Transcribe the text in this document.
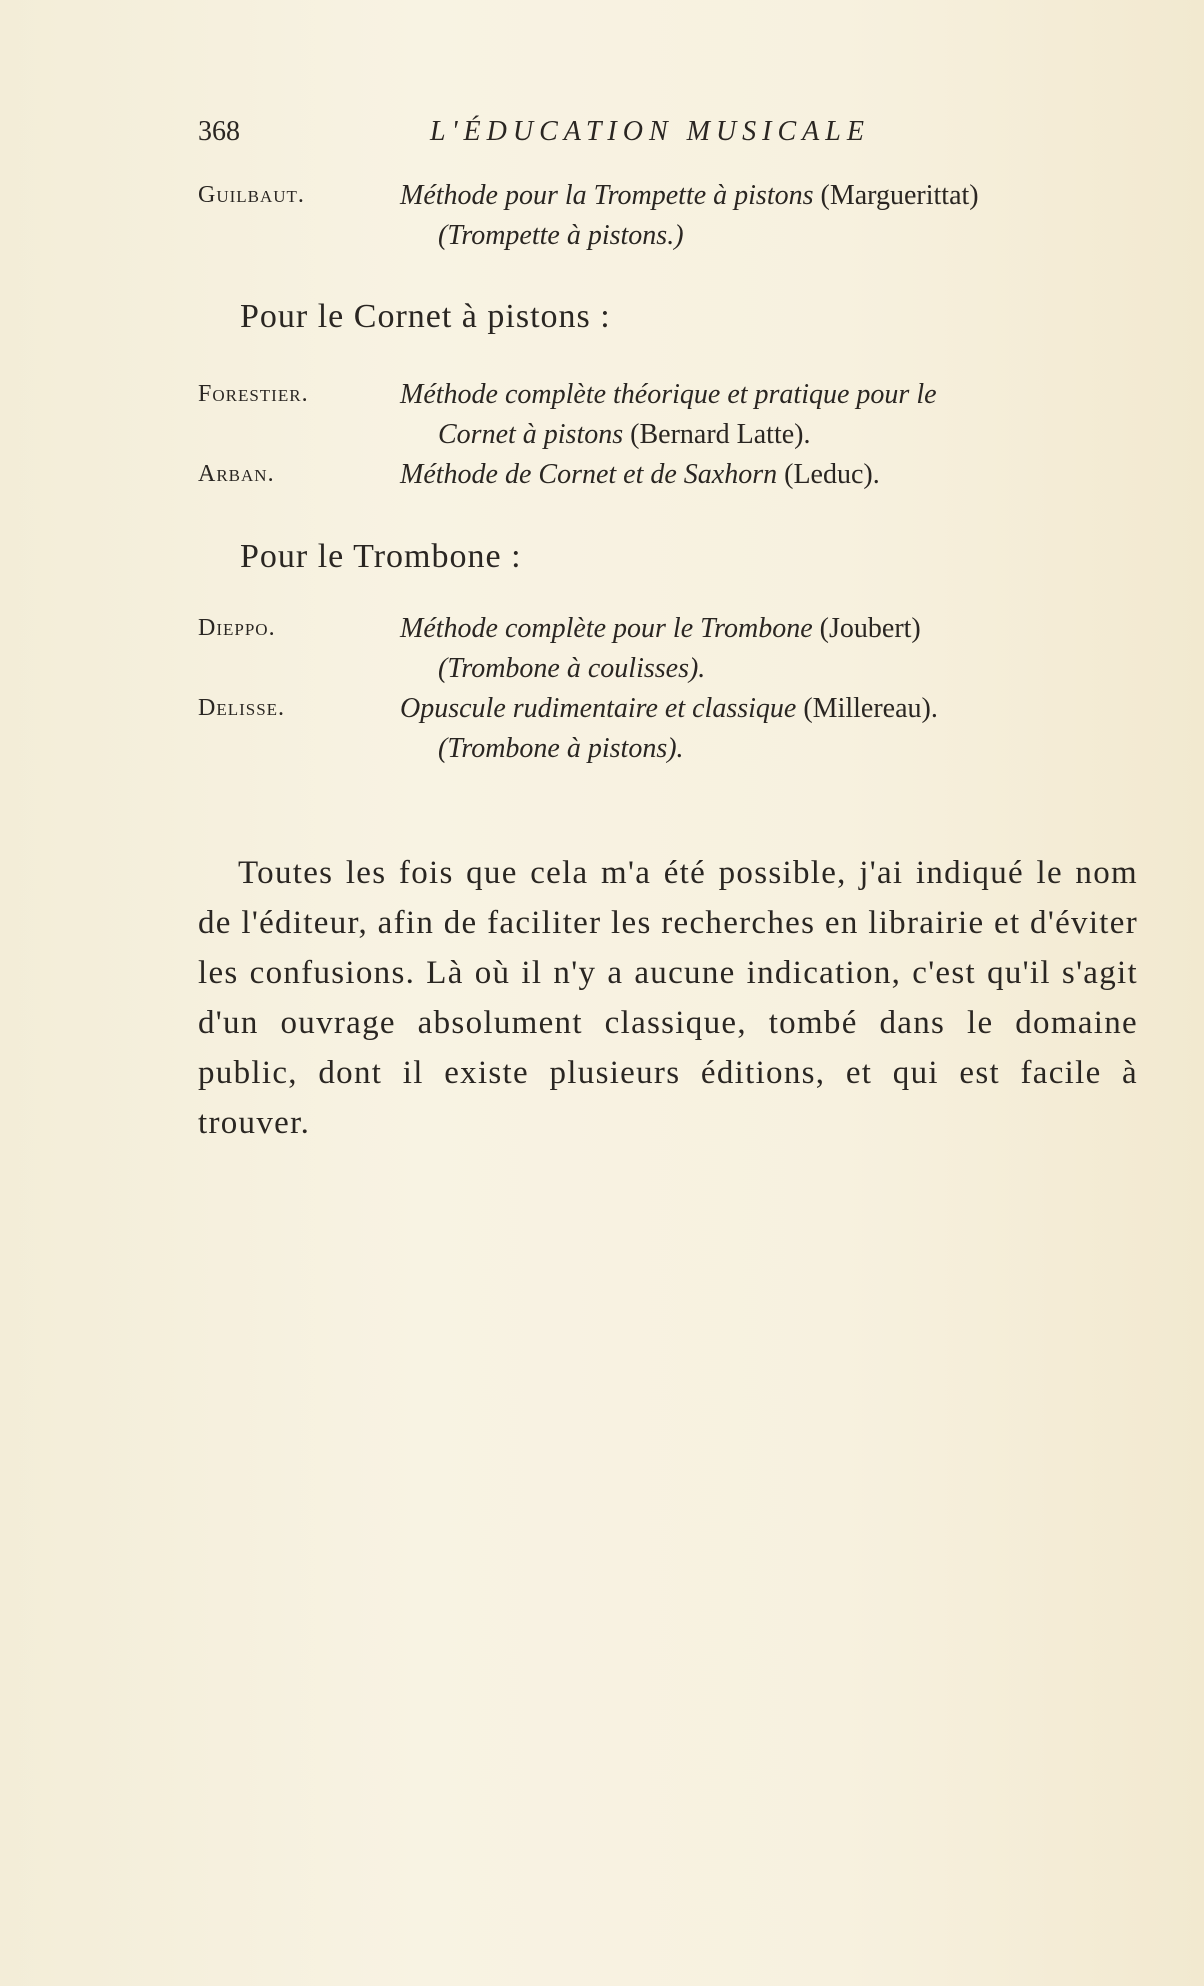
368	L'ÉDUCATION MUSICALE
Guilbaut.	Méthode pour la Trompette à pistons (Marguerittat)
(Trompette à pistons.)
Pour le Cornet à pistons :
Forestier.	Méthode complète théorique et pratique pour le
Cornet à pistons (Bernard Latte).
Arban.	Méthode de Cornet et de Saxhorn (Leduc).
Pour le Trombone :
Dieppo.	Méthode complète pour le Trombone (Joubert)
(Trombone à coulisses).
Delisse.	Opuscule rudimentaire et classique (Millereau).
(Trombone à pistons).

Toutes les fois que cela m'a été possible, j'ai indiqué le nom de l'éditeur, afin de faciliter les recherches en librairie et d'éviter les confusions. Là où il n'y a aucune indication, c'est qu'il s'agit d'un ouvrage absolument classique, tombé dans le domaine public, dont il existe plusieurs éditions, et qui est facile à trouver.
